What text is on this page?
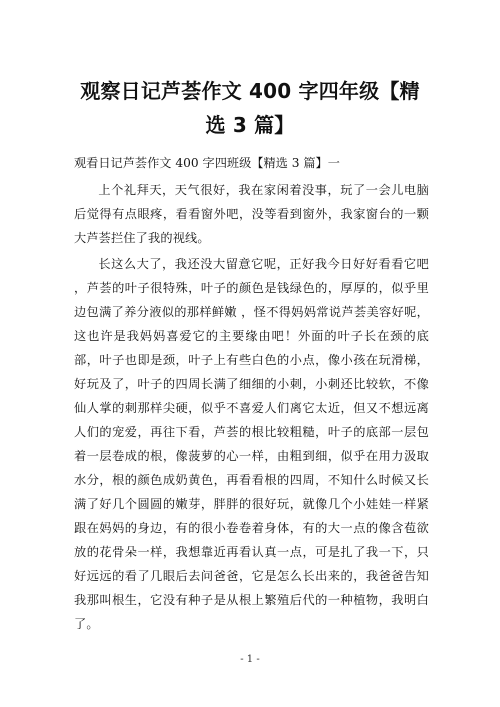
观察日记芦荟作文 400 字四年级【精选 3 篇】
观看日记芦荟作文 400 字四班级【精选 3 篇】一
上个礼拜天，天气很好，我在家闲着没事，玩了一会儿电脑后觉得有点眼疼，看看窗外吧，没等看到窗外，我家窗台的一颗大芦荟拦住了我的视线。
长这么大了，我还没大留意它呢，正好我今日好好看看它吧 ，芦荟的叶子很特殊，叶子的颜色是钱绿色的，厚厚的，似乎里边包满了养分液似的那样鲜嫩 ，怪不得妈妈常说芦荟美容好呢，这也许是我妈妈喜爱它的主要缘由吧！外面的叶子长在颈的底部，叶子也即是颈，叶子上有些白色的小点，像小孩在玩滑梯，好玩及了，叶子的四周长满了细细的小刺，小刺还比较软，不像仙人掌的刺那样尖硬，似乎不喜爱人们离它太近，但又不想远离人们的宠爱，再往下看，芦荟的根比较粗糙，叶子的底部一层包着一层卷成的根，像菠萝的心一样，由粗到细，似乎在用力汲取水分，根的颜色成奶黄色，再看看根的四周，不知什么时候又长满了好几个圆圆的嫩芽，胖胖的很好玩，就像几个小娃娃一样紧跟在妈妈的身边，有的很小卷卷着身体，有的大一点的像含苞欲放的花骨朵一样，我想靠近再看认真一点，可是扎了我一下，只好远远的看了几眼后去问爸爸，它是怎么长出来的，我爸爸告知我那叫根生，它没有种子是从根上繁殖后代的一种植物，我明白了。
- 1 -
